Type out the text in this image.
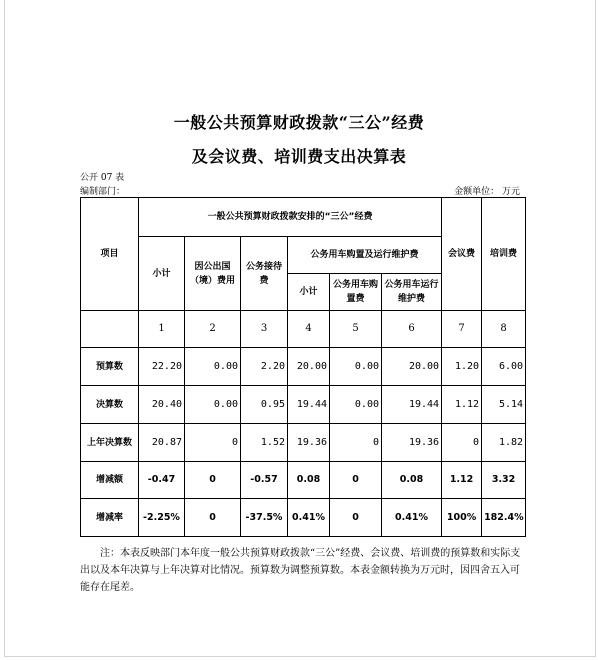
一般公共预算财政拨款“三公”经费
及会议费、培训费支出决算表
公开 07 表
编制部门：	金额单位： 万元
项目	一般公共预算财政拨款安排的“三公”经费						会议费	培训费
	小计	因公出国（境）费用	公务接待费	公务用车购置及运行维护费				
				小计	公务用车购置费	公务用车运行维护费		
	1	2	3	4	5	6	7	8
预算数	22.20	0.00	2.20	20.00	0.00	20.00	1.20	6.00
决算数	20.40	0.00	0.95	19.44	0.00	19.44	1.12	5.14
上年决算数	20.87	0	1.52	19.36	0	19.36	0	1.82
增减额	-0.47	0	-0.57	0.08	0	0.08	1.12	3.32
增减率	-2.25%	0	-37.5%	0.41%	0	0.41%	100%	182.4%
注：本表反映部门本年度一般公共预算财政拨款“三公”经费、会议费、培训费的预算数和实际支出以及本年决算与上年决算对比情况。预算数为调整预算数。本表金额转换为万元时，因四舍五入可能存在尾差。
